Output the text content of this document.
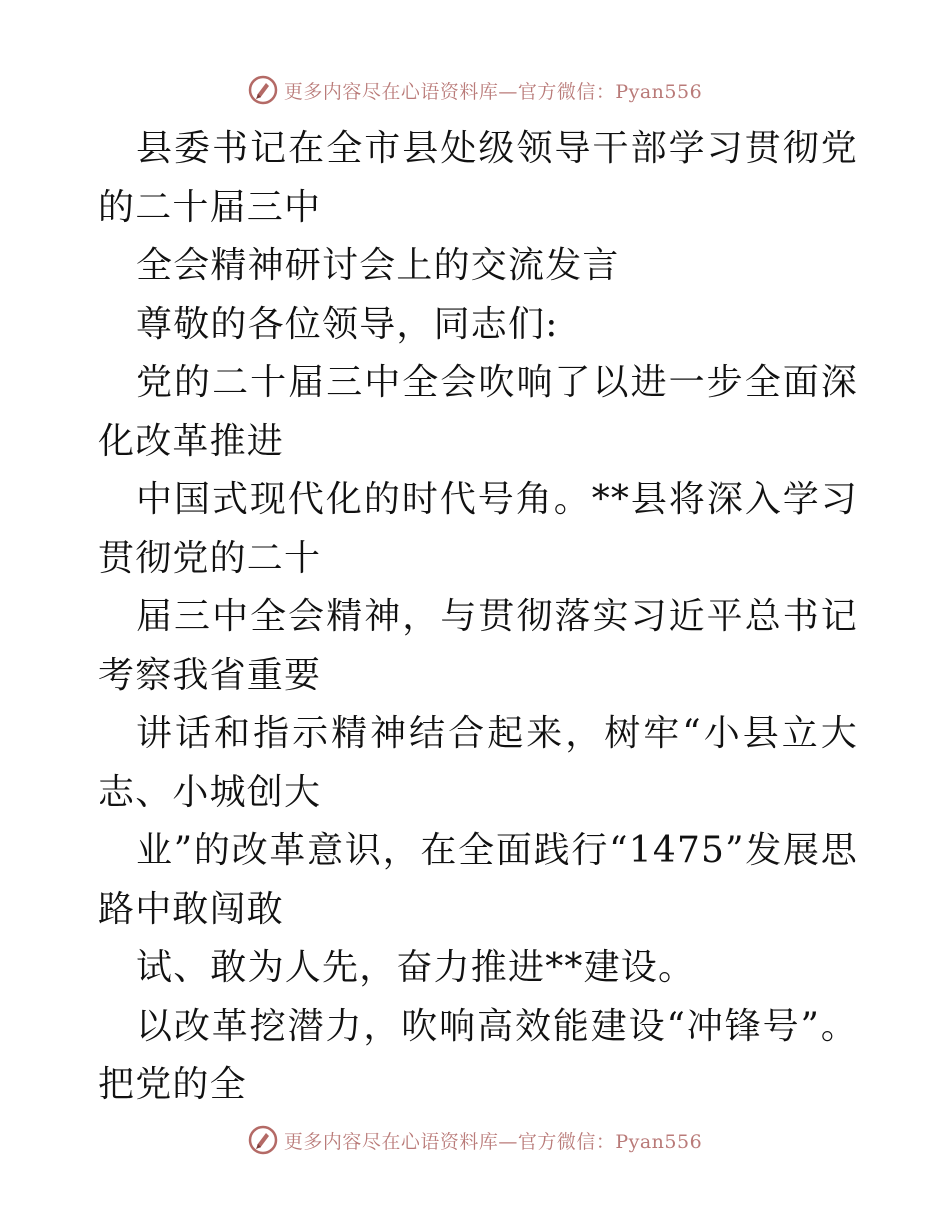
更多内容尽在心语资料库—官方微信：Pyan556

县委书记在全市县处级领导干部学习贯彻党的二十届三中

全会精神研讨会上的交流发言

尊敬的各位领导，同志们:

党的二十届三中全会吹响了以进一步全面深化改革推进

中国式现代化的时代号角。**县将深入学习贯彻党的二十

届三中全会精神，与贯彻落实习近平总书记考察我省重要

讲话和指示精神结合起来，树牢“小县立大志、小城创大

业”的改革意识，在全面践行“1475”发展思路中敢闯敢

试、敢为人先，奋力推进**建设。

以改革挖潜力，吹响高效能建设“冲锋号”。把党的全

更多内容尽在心语资料库—官方微信：Pyan556
